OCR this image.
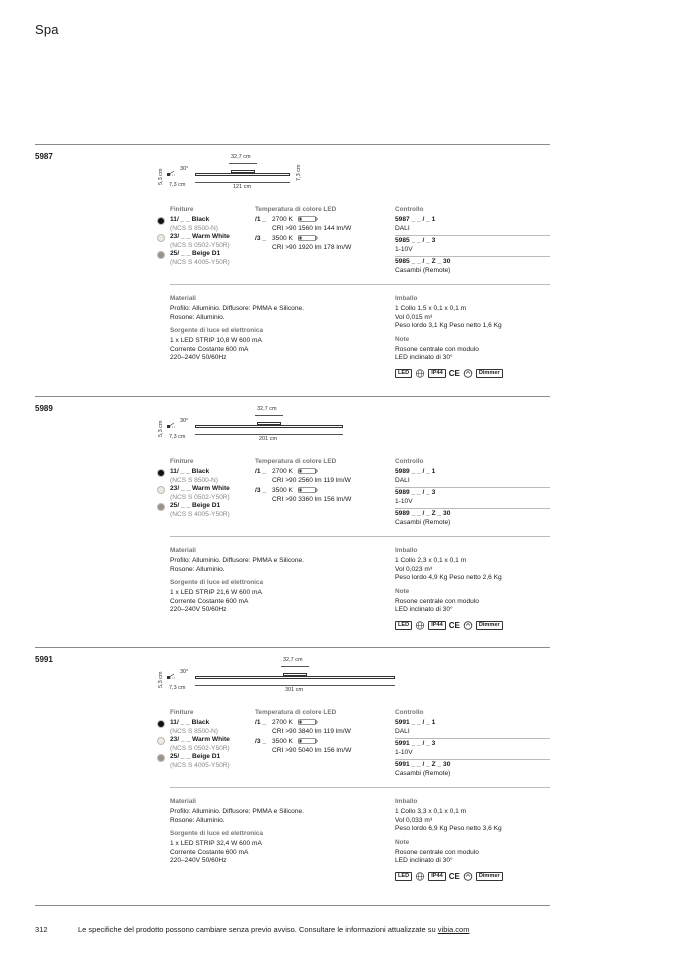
Spa
5987
5,3 cm	30°
7,3 cm
32,7 cm
121 cm
7,3 cm
Finiture
11/ _ _ Black
(NCS S 8500-N)
23/ _ _ Warm White
(NCS S 0502-Y50R)
25/ _ _ Beige D1
(NCS S 4005-Y50R)
Temperatura di colore LED
/1 _ 2700 K
CRI >90 1560 lm 144 lm/W
/3 _ 3500 K
CRI >90 1920 lm 178 lm/W
Controllo
5987 _ _ / _ 1
DALI
5985 _ _ / _ 3
1-10V
5985 _ _ / _ Z _ 30
Casambi (Remote)
Materiali
Profilo: Alluminio. Diffusore: PMMA e Silicone.
Rosone: Alluminio.
Sorgente di luce ed elettronica
1 x LED STRIP 10,8 W 600 mA
Corrente Costante 600 mA
220–240V 50/60Hz
Imballo
1 Collo 1,5 x 0,1 x 0,1 m
Vol 0,015 m³
Peso lordo 3,1 Kg Peso netto 1,6 Kg
Note
Rosone centrale con modulo
LED inclinato di 30°
LED	IP44 CE	Dimmer
5989
5,3 cm	30°
7,3 cm
32,7 cm
201 cm
Finiture
11/ _ _ Black
(NCS S 8500-N)
23/ _ _ Warm White
(NCS S 0502-Y50R)
25/ _ _ Beige D1
(NCS S 4005-Y50R)
Temperatura di colore LED
/1 _ 2700 K
CRI >90 2560 lm 119 lm/W
/3 _ 3500 K
CRI >90 3360 lm 156 lm/W
Controllo
5989 _ _ / _ 1
DALI
5989 _ _ / _ 3
1-10V
5989 _ _ / _ Z _ 30
Casambi (Remote)
Materiali
Profilo: Alluminio. Diffusore: PMMA e Silicone.
Rosone: Alluminio.
Sorgente di luce ed elettronica
1 x LED STRIP 21,6 W 600 mA
Corrente Costante 600 mA
220–240V 50/60Hz
Imballo
1 Collo 2,3 x 0,1 x 0,1 m
Vol 0,023 m³
Peso lordo 4,9 Kg Peso netto 2,6 Kg
Note
Rosone centrale con modulo
LED inclinato di 30°
LED	IP44 CE	Dimmer
5991
5,3 cm	30°
7,3 cm
32,7 cm
301 cm
Finiture
11/ _ _ Black
(NCS S 8500-N)
23/ _ _ Warm White
(NCS S 0502-Y50R)
25/ _ _ Beige D1
(NCS S 4005-Y50R)
Temperatura di colore LED
/1 _ 2700 K
CRI >90 3840 lm 119 lm/W
/3 _ 3500 K
CRI >90 5040 lm 156 lm/W
Controllo
5991 _ _ / _ 1
DALI
5991 _ _ / _ 3
1-10V
5991 _ _ / _ Z _ 30
Casambi (Remote)
Materiali
Profilo: Alluminio. Diffusore: PMMA e Silicone.
Rosone: Alluminio.
Sorgente di luce ed elettronica
1 x LED STRIP 32,4 W 600 mA
Corrente Costante 600 mA
220–240V 50/60Hz
Imballo
1 Collo 3,3 x 0,1 x 0,1 m
Vol 0,033 m³
Peso lordo 6,9 Kg Peso netto 3,6 Kg
Note
Rosone centrale con modulo
LED inclinato di 30°
LED	IP44 CE	Dimmer
312	Le specifiche del prodotto possono cambiare senza previo avviso. Consultare le informazioni attualizzate su vibia.com
